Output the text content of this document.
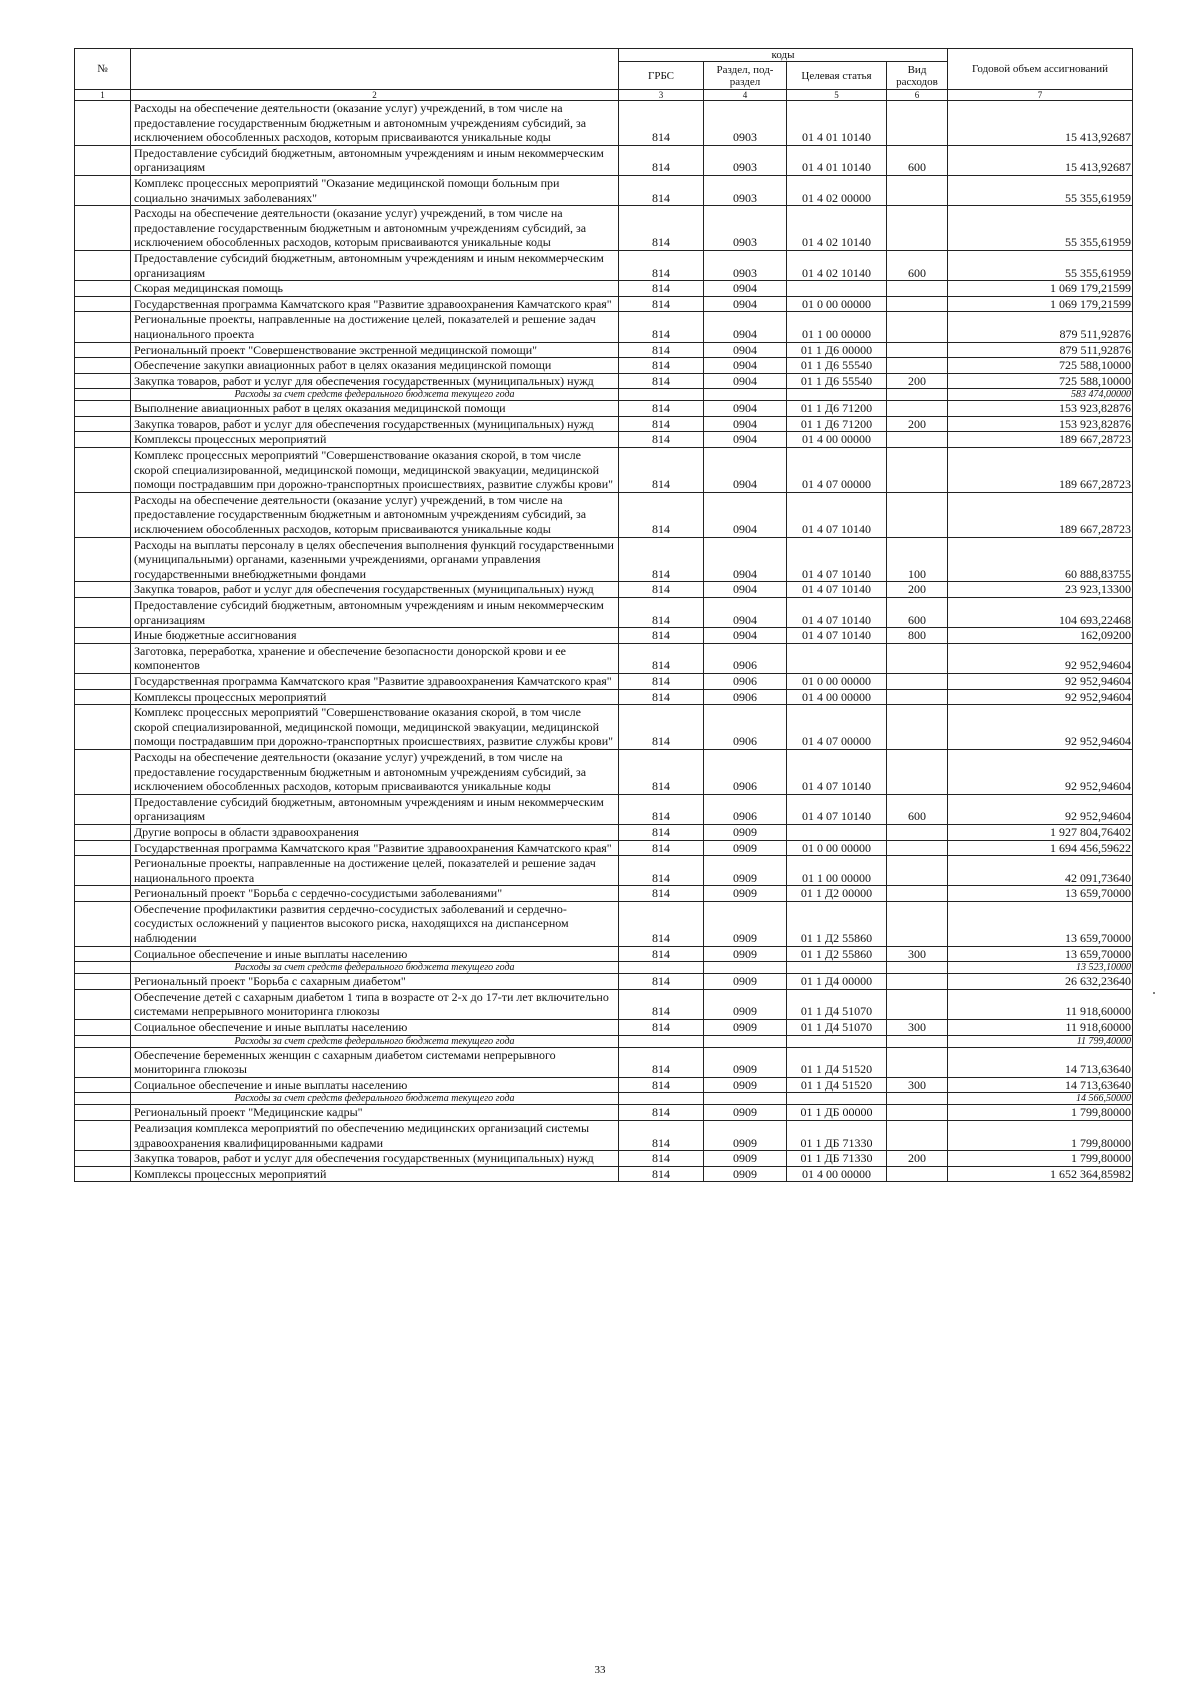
№		коды				Годовой объем ассигнований
		ГРБС	Раздел, под-раздел	Целевая статья	Вид расходов	
1	2	3	4	5	6	7
	Расходы на обеспечение деятельности (оказание услуг) учреждений, в том числе на предоставление государственным бюджетным и автономным учреждениям субсидий, за исключением обособленных расходов, которым присваиваются уникальные коды	814	0903	01 4 01 10140		15 413,92687
	Предоставление субсидий бюджетным, автономным учреждениям и иным некоммерческим организациям	814	0903	01 4 01 10140	600	15 413,92687
	Комплекс процессных мероприятий "Оказание медицинской помощи больным при социально значимых заболеваниях"	814	0903	01 4 02 00000		55 355,61959
	Расходы на обеспечение деятельности (оказание услуг) учреждений, в том числе на предоставление государственным бюджетным и автономным учреждениям субсидий, за исключением обособленных расходов, которым присваиваются уникальные коды	814	0903	01 4 02 10140		55 355,61959
	Предоставление субсидий бюджетным, автономным учреждениям и иным некоммерческим организациям	814	0903	01 4 02 10140	600	55 355,61959
	Скорая медицинская помощь	814	0904			1 069 179,21599
	Государственная программа Камчатского края "Развитие здравоохранения Камчатского края"	814	0904	01 0 00 00000		1 069 179,21599
	Региональные проекты, направленные на достижение целей, показателей и решение задач национального проекта	814	0904	01 1 00 00000		879 511,92876
	Региональный проект "Совершенствование экстренной медицинской помощи"	814	0904	01 1 Д6 00000		879 511,92876
	Обеспечение закупки авиационных работ в целях оказания медицинской помощи	814	0904	01 1 Д6 55540		725 588,10000
	Закупка товаров, работ и услуг для обеспечения государственных (муниципальных) нужд	814	0904	01 1 Д6 55540	200	725 588,10000
	Расходы за счет средств федерального бюджета текущего года					583 474,00000
	Выполнение авиационных работ в целях оказания медицинской помощи	814	0904	01 1 Д6 71200		153 923,82876
	Закупка товаров, работ и услуг для обеспечения государственных (муниципальных) нужд	814	0904	01 1 Д6 71200	200	153 923,82876
	Комплексы процессных мероприятий	814	0904	01 4 00 00000		189 667,28723
	Комплекс процессных мероприятий "Совершенствование оказания скорой, в том числе скорой специализированной, медицинской помощи, медицинской эвакуации, медицинской помощи пострадавшим при дорожно-транспортных происшествиях, развитие службы крови"	814	0904	01 4 07 00000		189 667,28723
	Расходы на обеспечение деятельности (оказание услуг) учреждений, в том числе на предоставление государственным бюджетным и автономным учреждениям субсидий, за исключением обособленных расходов, которым присваиваются уникальные коды	814	0904	01 4 07 10140		189 667,28723
	Расходы на выплаты персоналу в целях обеспечения выполнения функций государственными (муниципальными) органами, казенными учреждениями, органами управления государственными внебюджетными фондами	814	0904	01 4 07 10140	100	60 888,83755
	Закупка товаров, работ и услуг для обеспечения государственных (муниципальных) нужд	814	0904	01 4 07 10140	200	23 923,13300
	Предоставление субсидий бюджетным, автономным учреждениям и иным некоммерческим организациям	814	0904	01 4 07 10140	600	104 693,22468
	Иные бюджетные ассигнования	814	0904	01 4 07 10140	800	162,09200
	Заготовка, переработка, хранение и обеспечение безопасности донорской крови и ее компонентов	814	0906			92 952,94604
	Государственная программа Камчатского края "Развитие здравоохранения Камчатского края"	814	0906	01 0 00 00000		92 952,94604
	Комплексы процессных мероприятий	814	0906	01 4 00 00000		92 952,94604
	Комплекс процессных мероприятий "Совершенствование оказания скорой, в том числе скорой специализированной, медицинской помощи, медицинской эвакуации, медицинской помощи пострадавшим при дорожно-транспортных происшествиях, развитие службы крови"	814	0906	01 4 07 00000		92 952,94604
	Расходы на обеспечение деятельности (оказание услуг) учреждений, в том числе на предоставление государственным бюджетным и автономным учреждениям субсидий, за исключением обособленных расходов, которым присваиваются уникальные коды	814	0906	01 4 07 10140		92 952,94604
	Предоставление субсидий бюджетным, автономным учреждениям и иным некоммерческим организациям	814	0906	01 4 07 10140	600	92 952,94604
	Другие вопросы в области здравоохранения	814	0909			1 927 804,76402
	Государственная программа Камчатского края "Развитие здравоохранения Камчатского края"	814	0909	01 0 00 00000		1 694 456,59622
	Региональные проекты, направленные на достижение целей, показателей и решение задач национального проекта	814	0909	01 1 00 00000		42 091,73640
	Региональный проект "Борьба с сердечно-сосудистыми заболеваниями"	814	0909	01 1 Д2 00000		13 659,70000
	Обеспечение профилактики развития сердечно-сосудистых заболеваний и сердечно-сосудистых осложнений у пациентов высокого риска, находящихся на диспансерном наблюдении	814	0909	01 1 Д2 55860		13 659,70000
	Социальное обеспечение и иные выплаты населению	814	0909	01 1 Д2 55860	300	13 659,70000
	Расходы за счет средств федерального бюджета текущего года					13 523,10000
	Региональный проект "Борьба с сахарным диабетом"	814	0909	01 1 Д4 00000		26 632,23640
	Обеспечение детей с сахарным диабетом 1 типа в возрасте от 2-х до 17-ти лет включительно системами непрерывного мониторинга глюкозы	814	0909	01 1 Д4 51070		11 918,60000
	Социальное обеспечение и иные выплаты населению	814	0909	01 1 Д4 51070	300	11 918,60000
	Расходы за счет средств федерального бюджета текущего года					11 799,40000
	Обеспечение беременных женщин с сахарным диабетом системами непрерывного мониторинга глюкозы	814	0909	01 1 Д4 51520		14 713,63640
	Социальное обеспечение и иные выплаты населению	814	0909	01 1 Д4 51520	300	14 713,63640
	Расходы за счет средств федерального бюджета текущего года					14 566,50000
	Региональный проект "Медицинские кадры"	814	0909	01 1 ДБ 00000		1 799,80000
	Реализация комплекса мероприятий по обеспечению медицинских организаций системы здравоохранения квалифицированными кадрами	814	0909	01 1 ДБ 71330		1 799,80000
	Закупка товаров, работ и услуг для обеспечения государственных (муниципальных) нужд	814	0909	01 1 ДБ 71330	200	1 799,80000
	Комплексы процессных мероприятий	814	0909	01 4 00 00000		1 652 364,85982
33
